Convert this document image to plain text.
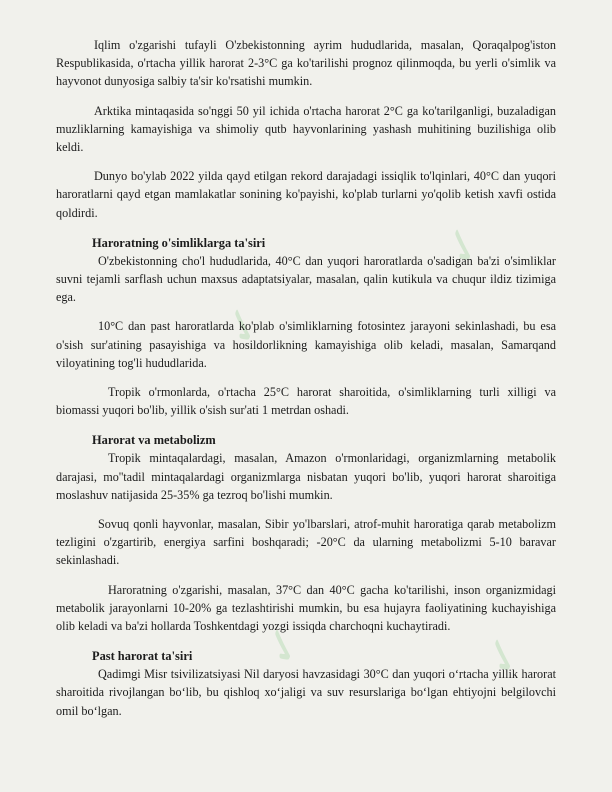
✓
✓
✓	✓

Iqlim o'zgarishi tufayli O'zbekistonning ayrim hududlarida, masalan, Qoraqalpog'iston Respublikasida, o'rtacha yillik harorat 2-3°C ga ko'tarilishi prognoz qilinmoqda, bu yerli o'simlik va hayvonot dunyosiga salbiy ta'sir ko'rsatishi mumkin.

Arktika mintaqasida so'nggi 50 yil ichida o'rtacha harorat 2°C ga ko'tarilganligi, buzaladigan muzliklarning kamayishiga va shimoliy qutb hayvonlarining yashash muhitining buzilishiga olib keldi.

Dunyo bo'ylab 2022 yilda qayd etilgan rekord darajadagi issiqlik to'lqinlari, 40°C dan yuqori haroratlarni qayd etgan mamlakatlar sonining ko'payishi, ko'plab turlarni yo'qolib ketish xavfi ostida qoldirdi.

Haroratning o'simliklarga ta'siri

O'zbekistonning cho'l hududlarida, 40°C dan yuqori haroratlarda o'sadigan ba'zi o'simliklar suvni tejamli sarflash uchun maxsus adaptatsiyalar, masalan, qalin kutikula va chuqur ildiz tizimiga ega.

10°C dan past haroratlarda ko'plab o'simliklarning fotosintez jarayoni sekinlashadi, bu esa o'sish sur'atining pasayishiga va hosildorlikning kamayishiga olib keladi, masalan, Samarqand viloyatining tog'li hududlarida.

Tropik o'rmonlarda, o'rtacha 25°C harorat sharoitida, o'simliklarning turli xilligi va biomassi yuqori bo'lib, yillik o'sish sur'ati 1 metrdan oshadi.

Harorat va metabolizm

Tropik mintaqalardagi, masalan, Amazon o'rmonlaridagi, organizmlarning metabolik darajasi, mo''tadil mintaqalardagi organizmlarga nisbatan yuqori bo'lib, yuqori harorat sharoitiga moslashuv natijasida 25-35% ga tezroq bo'lishi mumkin.

Sovuq qonli hayvonlar, masalan, Sibir yo'lbarslari, atrof-muhit haroratiga qarab metabolizm tezligini o'zgartirib, energiya sarfini boshqaradi; -20°C da ularning metabolizmi 5-10 baravar sekinlashadi.

Haroratning o'zgarishi, masalan, 37°C dan 40°C gacha ko'tarilishi, inson organizmidagi metabolik jarayonlarni 10-20% ga tezlashtirishi mumkin, bu esa hujayra faoliyatining kuchayishiga olib keladi va ba'zi hollarda Toshkentdagi yozgi issiqda charchoqni kuchaytiradi.

Past harorat ta'siri

Qadimgi Misr tsivilizatsiyasi Nil daryosi havzasidagi 30°C dan yuqori o‘rtacha yillik harorat sharoitida rivojlangan bo‘lib, bu qishloq xo‘jaligi va suv resurslariga bo‘lgan ehtiyojni belgilovchi omil bo‘lgan.
